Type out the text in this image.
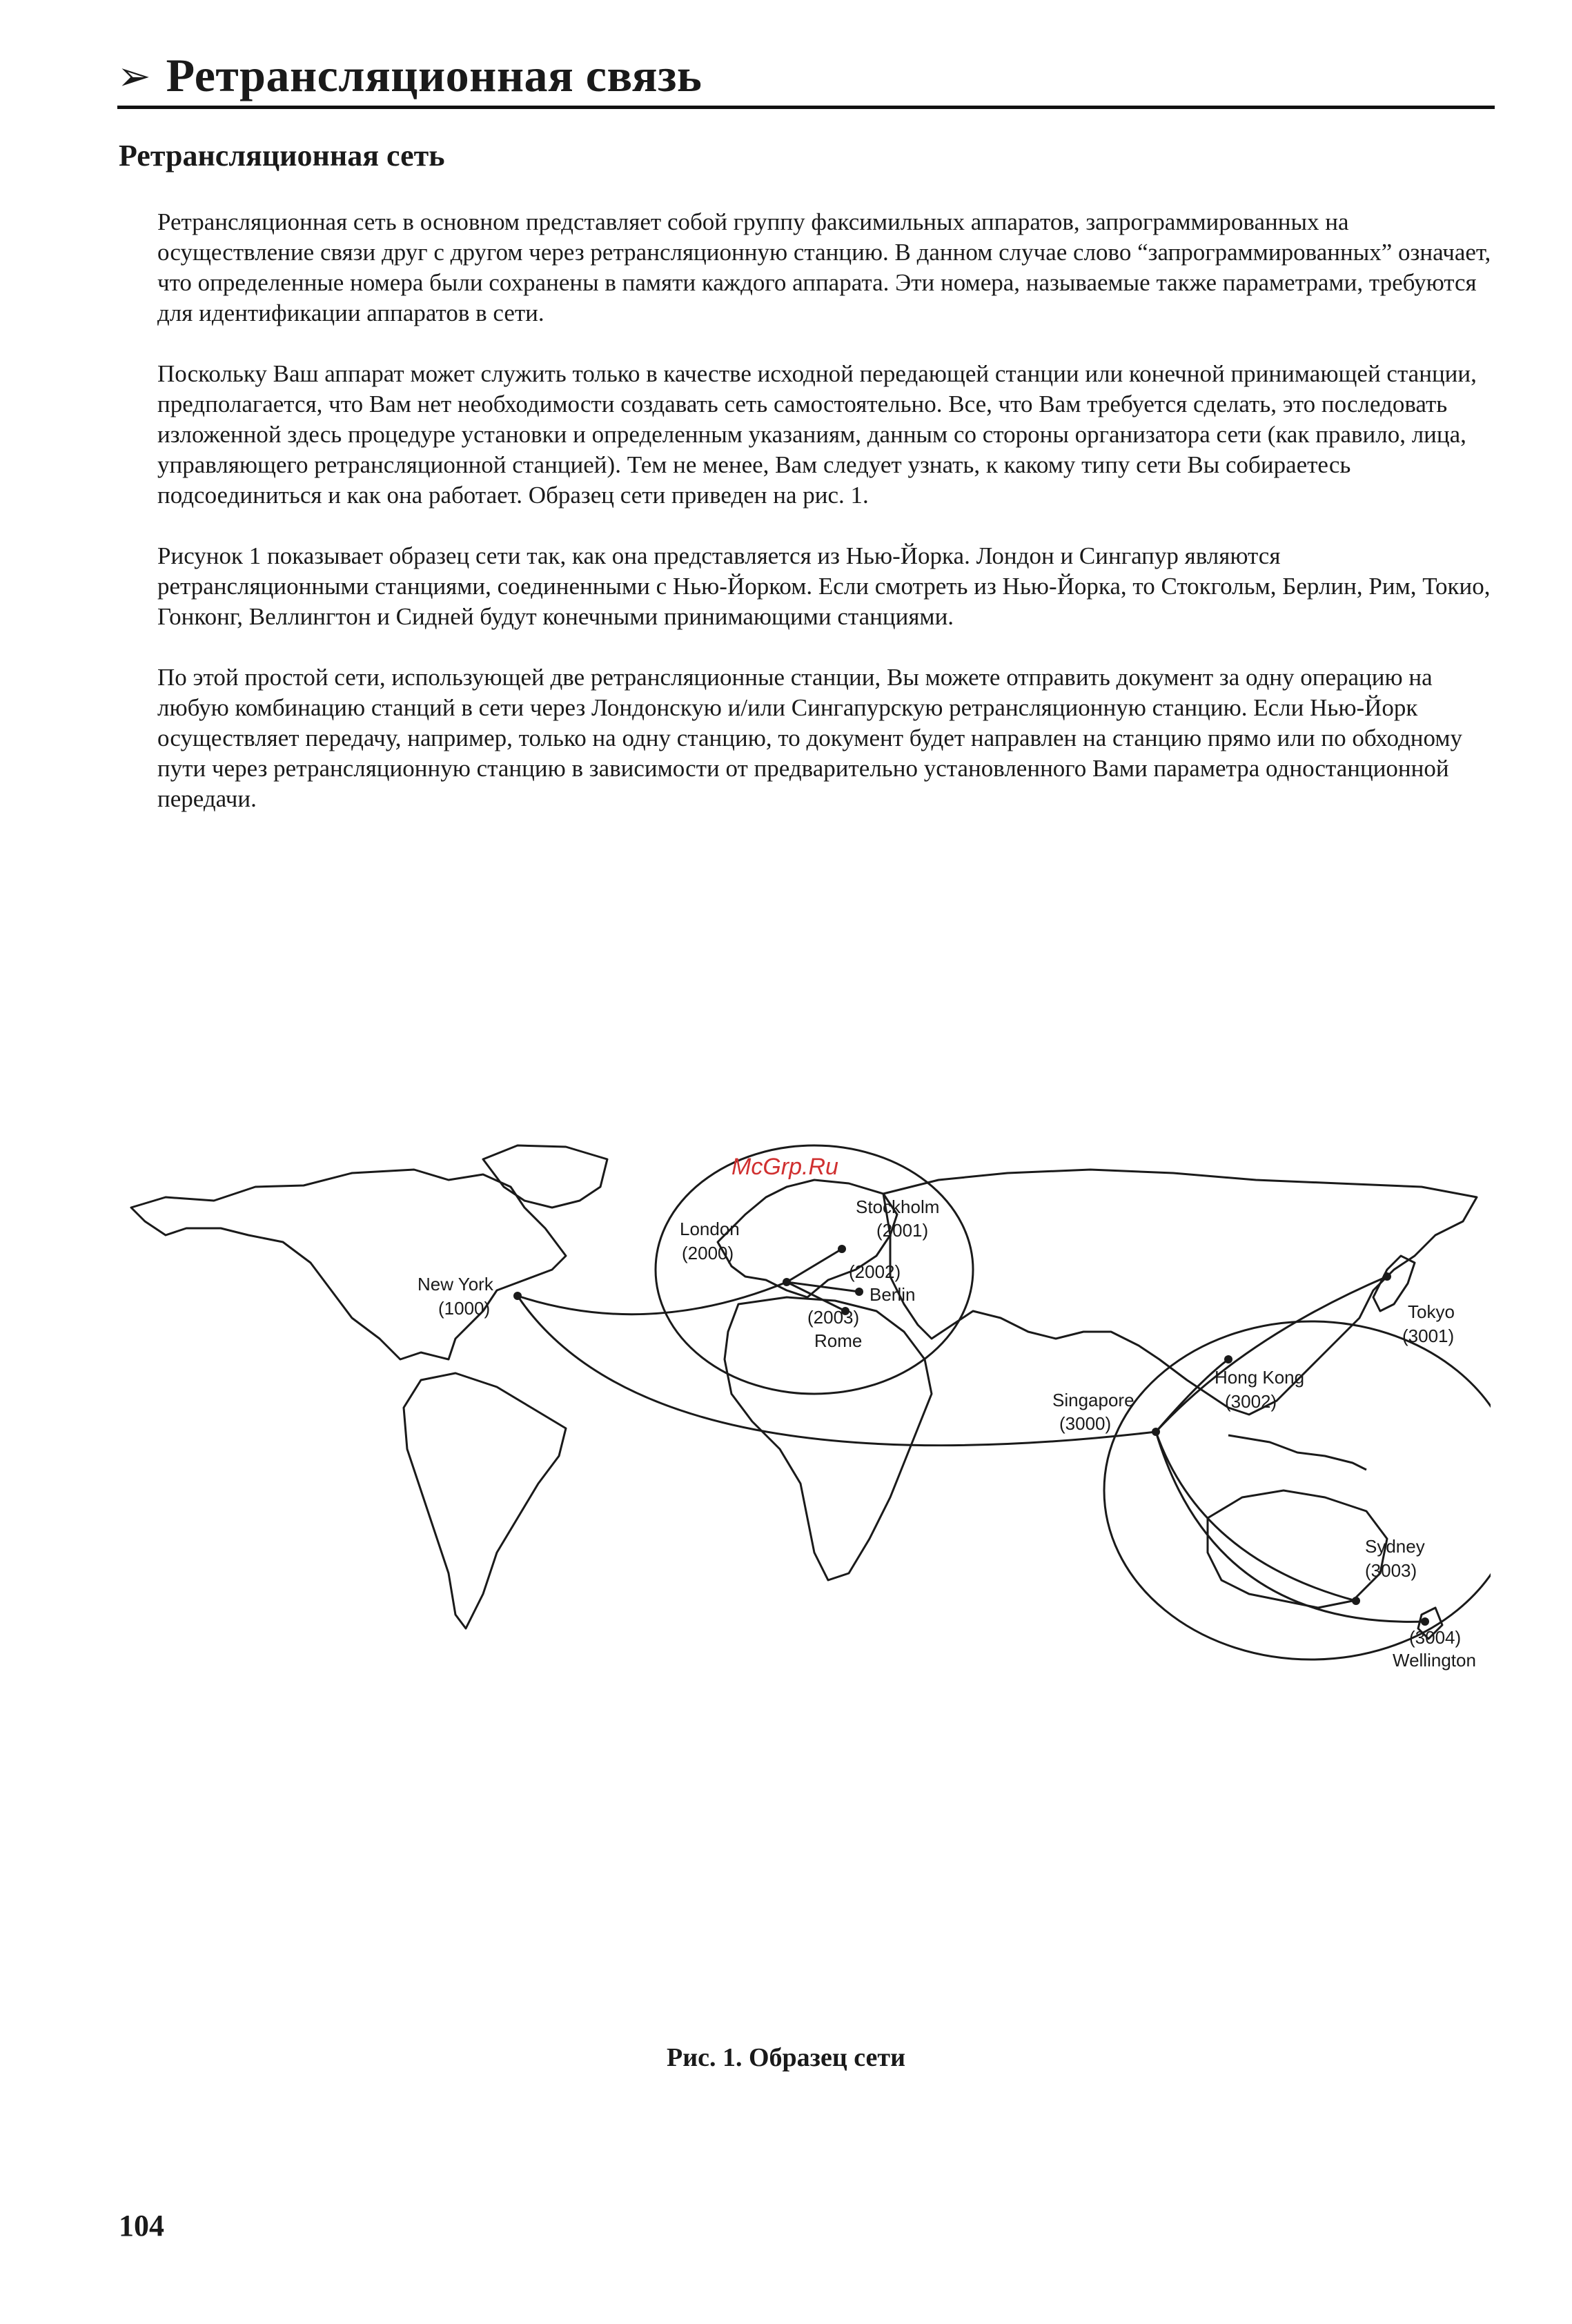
➢ Ретрансляционная связь
Ретрансляционная сеть

Ретрансляционная сеть в основном представляет собой группу факсимильных аппаратов, запрограммированных на осуществление связи друг с другом через ретрансляционную станцию. В данном случае слово “запрограммированных” означает, что определенные номера были сохранены в памяти каждого аппарата. Эти номера, называемые также параметрами, требуются для идентификации аппаратов в сети.

Поскольку Ваш аппарат может служить только в качестве исходной передающей станции или конечной принимающей станции, предполагается, что Вам нет необходимости создавать сеть самостоятельно. Все, что Вам требуется сделать, это последовать изложенной здесь процедуре установки и определенным указаниям, данным со стороны организатора сети (как правило, лица, управляющего ретрансляционной станцией). Тем не менее, Вам следует узнать, к какому типу сети Вы собираетесь подсоединиться и как она работает. Образец сети приведен на рис. 1.

Рисунок 1 показывает образец сети так, как она представляется из Нью-Йорка. Лондон и Сингапур являются ретрансляционными станциями, соединенными с Нью-Йорком. Если смотреть из Нью-Йорка, то Стокгольм, Берлин, Рим, Токио, Гонконг, Веллингтон и Сидней будут конечными принимающими станциями.

По этой простой сети, использующей две ретрансляционные станции, Вы можете отправить документ за одну операцию на любую комбинацию станций в сети через Лондонскую и/или Сингапурскую ретрансляционную станцию. Если Нью-Йорк осуществляет передачу, например, только на одну станцию, то документ будет направлен на станцию прямо или по обходному пути через ретрансляционную станцию в зависимости от предварительно установленного Вами параметра одностанционной передачи.

McGrp.Ru
New York
(1000)
London
(2000)
Stockholm
(2001)
(2002)
Berlin
(2003)
Rome
Singapore
(3000)
Tokyo
(3001)
Hong Kong
(3002)
Sydney
(3003)
(3004)
Wellington
Рис. 1. Образец сети
104
